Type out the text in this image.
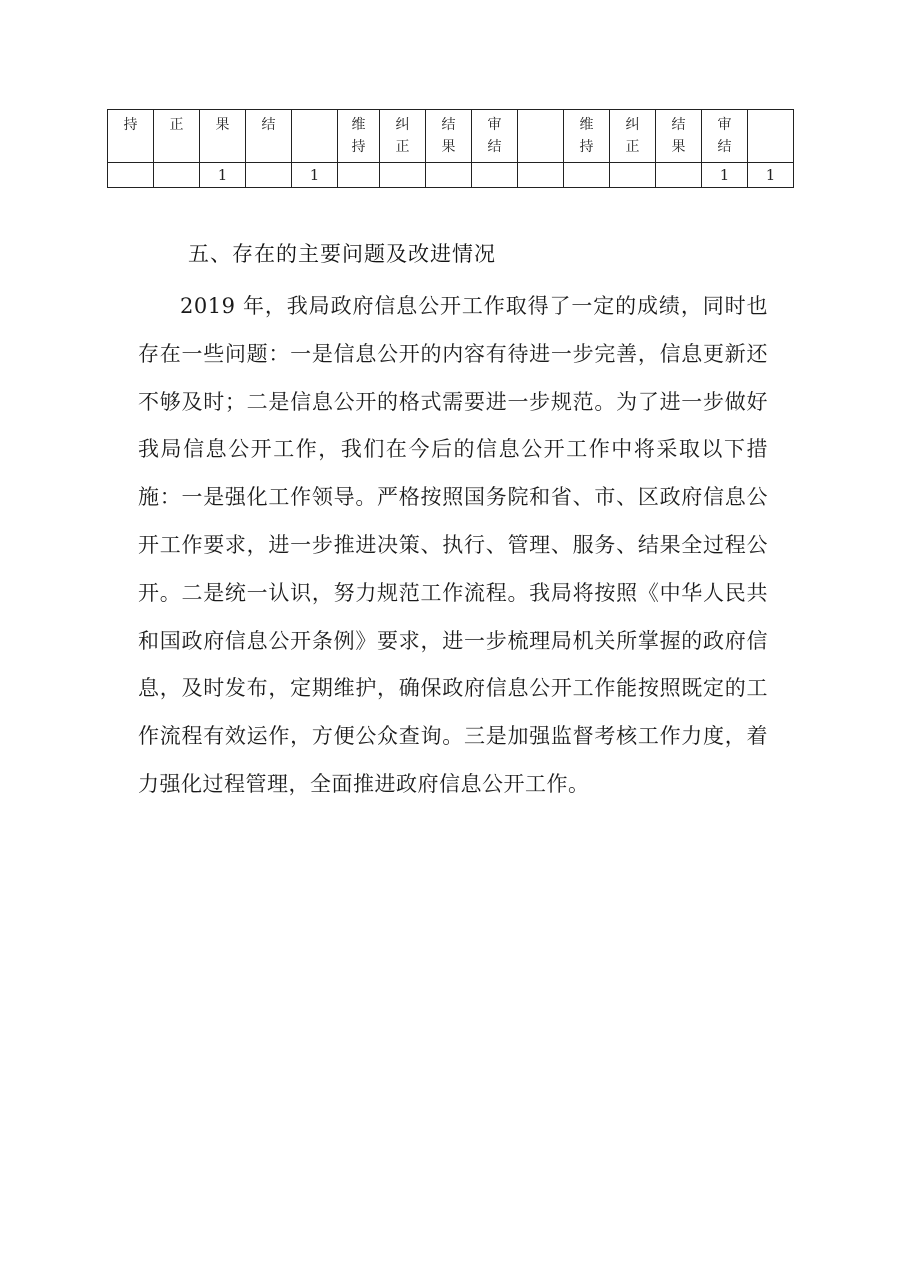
持	正	果	结		维持	纠正	结果	审结		维持	纠正	结果	审结	
		1		1									1	1
五、存在的主要问题及改进情况

2019 年，我局政府信息公开工作取得了一定的成绩，同时也存在一些问题：一是信息公开的内容有待进一步完善，信息更新还不够及时；二是信息公开的格式需要进一步规范。为了进一步做好我局信息公开工作，我们在今后的信息公开工作中将采取以下措施：一是强化工作领导。严格按照国务院和省、市、区政府信息公开工作要求，进一步推进决策、执行、管理、服务、结果全过程公开。二是统一认识，努力规范工作流程。我局将按照《中华人民共和国政府信息公开条例》要求，进一步梳理局机关所掌握的政府信息，及时发布，定期维护，确保政府信息公开工作能按照既定的工作流程有效运作，方便公众查询。三是加强监督考核工作力度，着力强化过程管理，全面推进政府信息公开工作。
